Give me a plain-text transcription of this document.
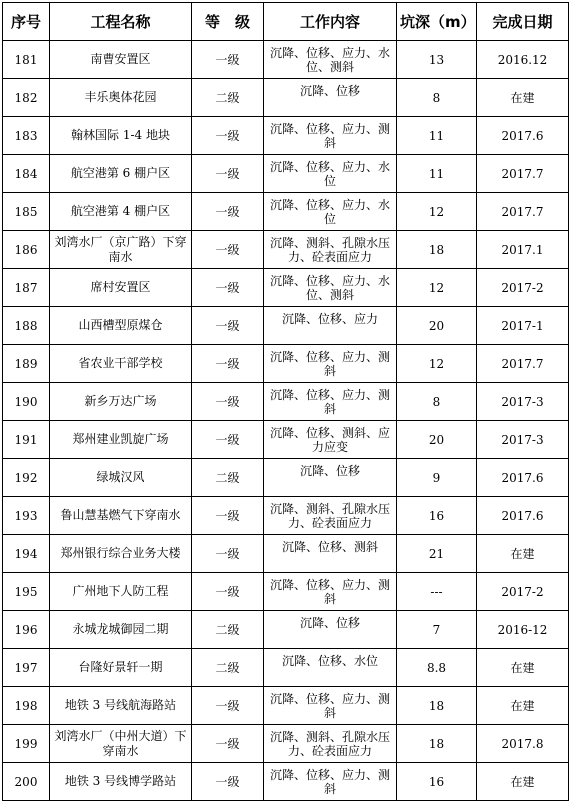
序号	工程名称	等　级	工作内容	坑深（m）	完成日期
181	南曹安置区	一级	沉降、位移、应力、水位、测斜	13	2016.12
182	丰乐奥体花园	二级	沉降、位移	8	在建
183	翰林国际 1-4 地块	一级	沉降、位移、应力、测斜	11	2017.6
184	航空港第 6 棚户区	一级	沉降、位移、应力、水位	11	2017.7
185	航空港第 4 棚户区	一级	沉降、位移、应力、水位	12	2017.7
186	刘湾水厂（京广路）下穿南水	一级	沉降、测斜、孔隙水压力、砼表面应力	18	2017.1
187	席村安置区	一级	沉降、位移、应力、水位、测斜	12	2017-2
188	山西槽型原煤仓	一级	沉降、位移、应力	20	2017-1
189	省农业干部学校	一级	沉降、位移、应力、测斜	12	2017.7
190	新乡万达广场	一级	沉降、位移、应力、测斜	8	2017-3
191	郑州建业凯旋广场	一级	沉降、位移、测斜、应力应变	20	2017-3
192	绿城汉风	二级	沉降、位移	9	2017.6
193	鲁山慧基燃气下穿南水	一级	沉降、测斜、孔隙水压力、砼表面应力	16	2017.6
194	郑州银行综合业务大楼	一级	沉降、位移、测斜	21	在建
195	广州地下人防工程	一级	沉降、位移、应力、测斜	---	2017-2
196	永城龙城御园二期	二级	沉降、位移	7	2016-12
197	台隆好景轩一期	二级	沉降、位移、水位	8.8	在建
198	地铁 3 号线航海路站	一级	沉降、位移、应力、测斜	18	在建
199	刘湾水厂（中州大道）下穿南水	一级	沉降、测斜、孔隙水压力、砼表面应力	18	2017.8
200	地铁 3 号线博学路站	一级	沉降、位移、应力、测斜	16	在建
